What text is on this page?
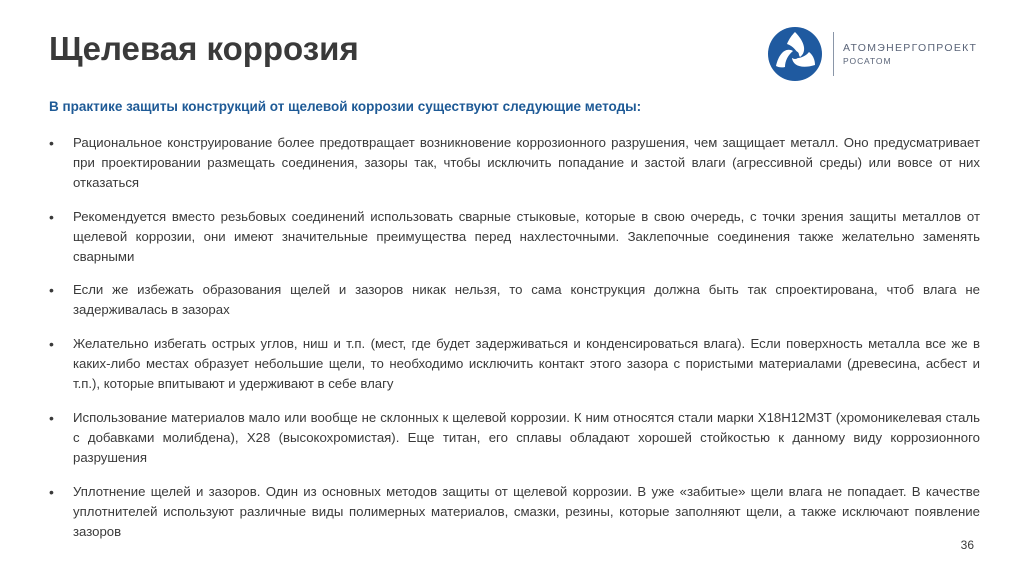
Щелевая коррозия	АТОМЭНЕРГОПРОЕКТ
РОСАТОМ

В практике защиты конструкций от щелевой коррозии существуют следующие методы:

•	Рациональное конструирование более предотвращает возникновение коррозионного разрушения, чем защищает металл. Оно предусматривает при проектировании размещать соединения, зазоры так, чтобы исключить попадание и застой влаги (агрессивной среды) или вовсе от них отказаться
•	Рекомендуется вместо резьбовых соединений использовать сварные стыковые, которые в свою очередь, с точки зрения защиты металлов от щелевой коррозии, они имеют значительные преимущества перед нахлесточными. Заклепочные соединения также желательно заменять сварными
•	Если же избежать образования щелей и зазоров никак нельзя, то сама конструкция должна быть так спроектирована, чтоб влага не задерживалась в зазорах
•	Желательно избегать острых углов, ниш и т.п. (мест, где будет задерживаться и конденсироваться влага). Если поверхность металла все же в каких-либо местах образует небольшие щели, то необходимо исключить контакт этого зазора с пористыми материалами (древесина, асбест и т.п.), которые впитывают и удерживают в себе влагу
•	Использование материалов мало или вообще не склонных к щелевой коррозии. К ним относятся стали марки Х18Н12М3Т (хромоникелевая сталь с добавками молибдена), Х28 (высокохромистая). Еще титан, его сплавы обладают хорошей стойкостью к данному виду коррозионного разрушения
•	Уплотнение щелей и зазоров. Один из основных методов защиты от щелевой коррозии. В уже «забитые» щели влага не попадает. В качестве уплотнителей используют различные виды полимерных материалов, смазки, резины, которые заполняют щели, а также исключают появление зазоров
36
